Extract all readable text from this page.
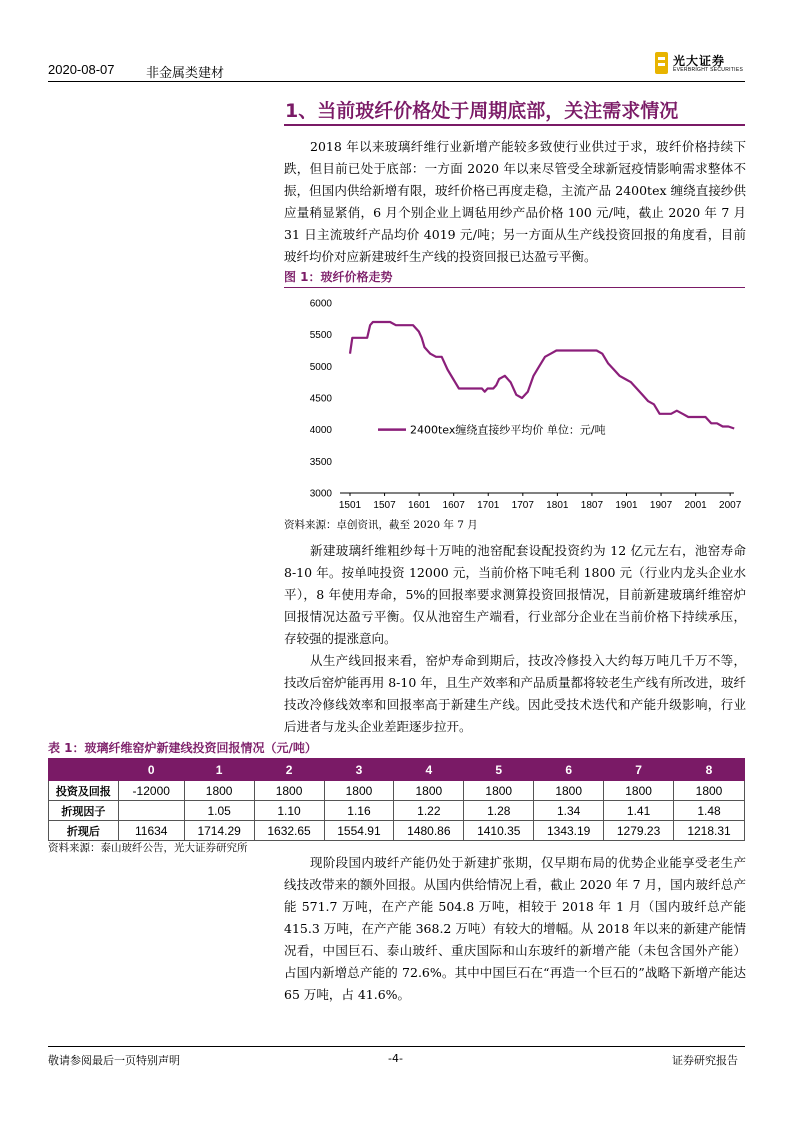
2020-08-07 非金属类建材
光大证券
EVERBRIGHT SECURITIES
1、当前玻纤价格处于周期底部，关注需求情况

2018 年以来玻璃纤维行业新增产能较多致使行业供过于求，玻纤价格持续下跌，但目前已处于底部：一方面 2020 年以来尽管受全球新冠疫情影响需求整体不振，但国内供给新增有限，玻纤价格已再度走稳，主流产品 2400tex 缠绕直接纱供应量稍显紧俏，6 月个别企业上调毡用纱产品价格 100 元/吨，截止 2020 年 7 月 31 日主流玻纤产品均价 4019 元/吨；另一方面从生产线投资回报的角度看，目前玻纤均价对应新建玻纤生产线的投资回报已达盈亏平衡。

图 1：玻纤价格走势
3000
3500
4000
4500
5000
5500
6000
1501 1507 1601 1607 1701 1707 1801 1807 1901 1907 2001 2007
2400tex缠绕直接纱平均价 单位：元/吨
资料来源：卓创资讯，截至 2020 年 7 月

新建玻璃纤维粗纱每十万吨的池窑配套设配投资约为 12 亿元左右，池窑寿命 8-10 年。按单吨投资 12000 元，当前价格下吨毛利 1800 元（行业内龙头企业水平），8 年使用寿命，5%的回报率要求测算投资回报情况，目前新建玻璃纤维窑炉回报情况达盈亏平衡。仅从池窑生产端看，行业部分企业在当前价格下持续承压，存较强的提涨意向。

从生产线回报来看，窑炉寿命到期后，技改冷修投入大约每万吨几千万不等，技改后窑炉能再用 8-10 年，且生产效率和产品质量都将较老生产线有所改进，玻纤技改冷修线效率和回报率高于新建生产线。因此受技术迭代和产能升级影响，行业后进者与龙头企业差距逐步拉开。

表 1：玻璃纤维窑炉新建线投资回报情况（元/吨）
	0	1	2	3	4	5	6	7	8
投资及回报	-12000	1800	1800	1800	1800	1800	1800	1800	1800
折现因子		1.05	1.10	1.16	1.22	1.28	1.34	1.41	1.48
折现后	11634	1714.29	1632.65	1554.91	1480.86	1410.35	1343.19	1279.23	1218.31
资料来源：泰山玻纤公告，光大证券研究所

现阶段国内玻纤产能仍处于新建扩张期，仅早期布局的优势企业能享受老生产线技改带来的额外回报。从国内供给情况上看，截止 2020 年 7 月，国内玻纤总产能 571.7 万吨，在产产能 504.8 万吨，相较于 2018 年 1 月（国内玻纤总产能 415.3 万吨，在产产能 368.2 万吨）有较大的增幅。从 2018 年以来的新建产能情况看，中国巨石、泰山玻纤、重庆国际和山东玻纤的新增产能（未包含国外产能）占国内新增总产能的 72.6%。其中中国巨石在“再造一个巨石的”战略下新增产能达 65 万吨，占 41.6%。

敬请参阅最后一页特别声明	-4-	证券研究报告
